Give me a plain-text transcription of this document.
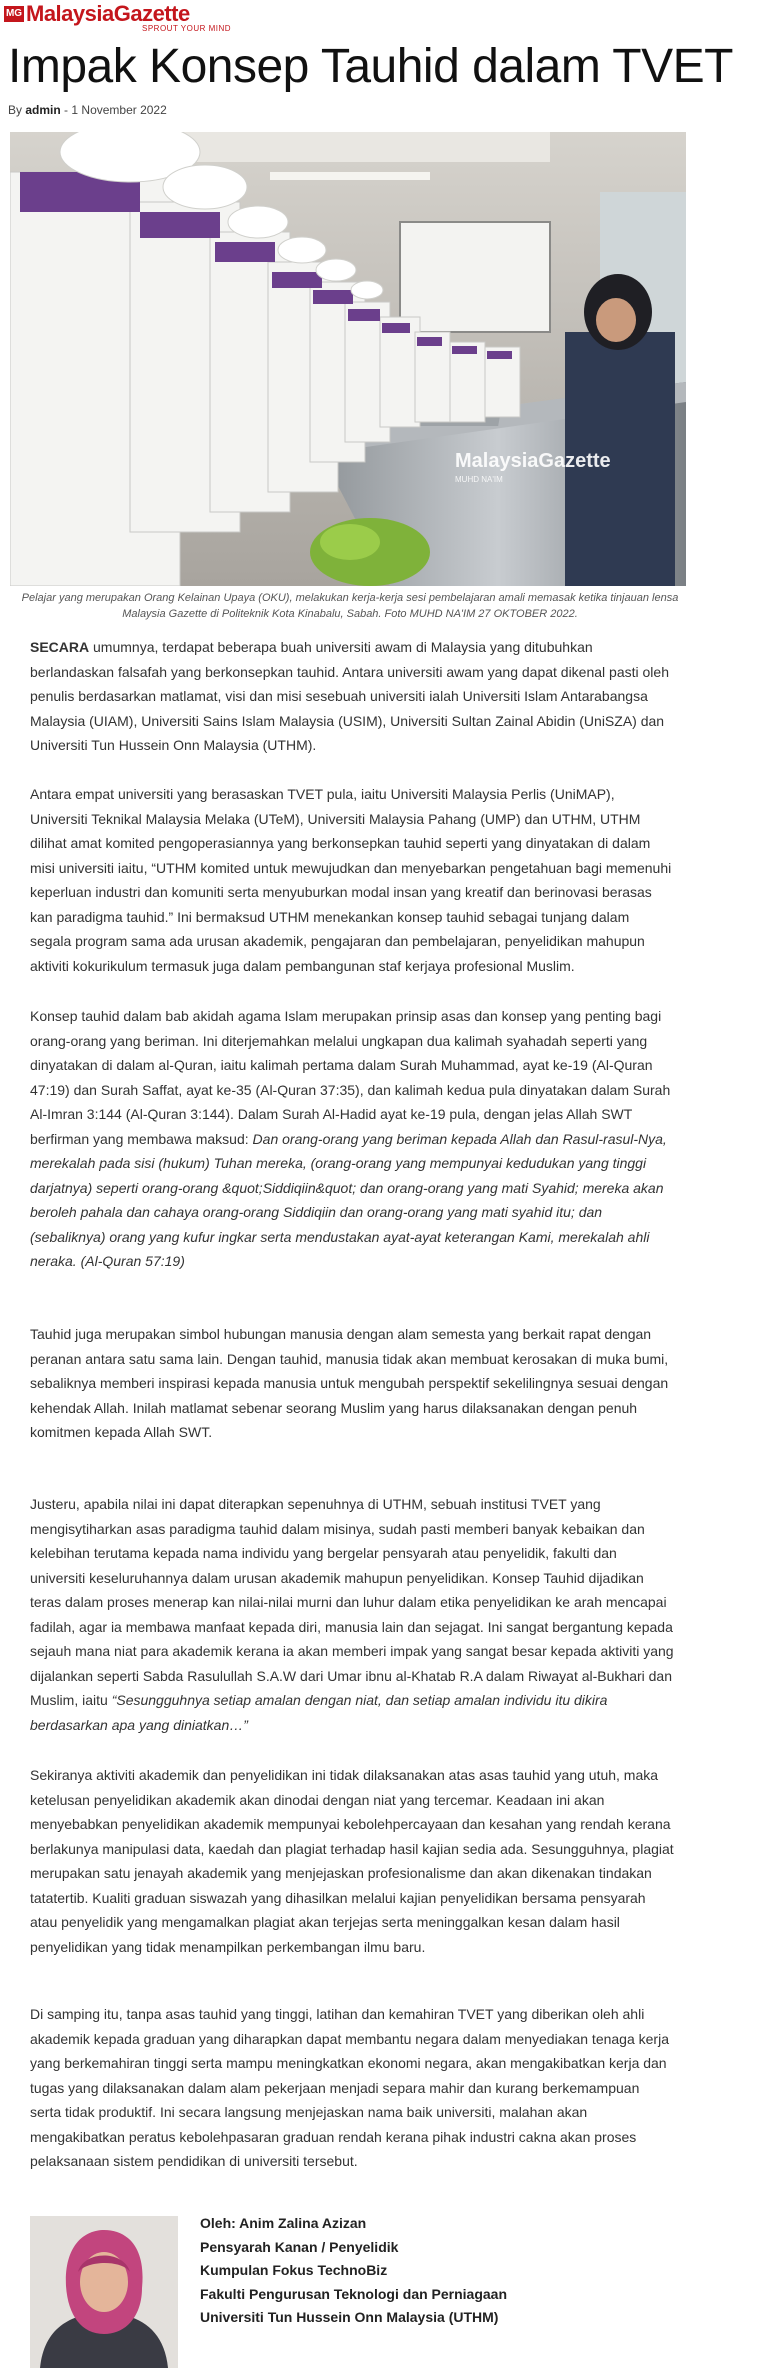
MG MalaysiaGazette
SPROUT YOUR MIND
Impak Konsep Tauhid dalam TVET
By admin - 1 November 2022
MalaysiaGazette
MUHD NA'IM
Pelajar yang merupakan Orang Kelainan Upaya (OKU), melakukan kerja-kerja sesi pembelajaran amali memasak ketika tinjauan lensa Malaysia Gazette di Politeknik Kota Kinabalu, Sabah. Foto MUHD NA'IM 27 OKTOBER 2022.

SECARA umumnya, terdapat beberapa buah universiti awam di Malaysia yang ditubuhkan berlandaskan falsafah yang berkonsepkan tauhid. Antara universiti awam yang dapat dikenal pasti oleh penulis berdasarkan matlamat, visi dan misi sesebuah universiti ialah Universiti Islam Antarabangsa Malaysia (UIAM), Universiti Sains Islam Malaysia (USIM), Universiti Sultan Zainal Abidin (UniSZA) dan Universiti Tun Hussein Onn Malaysia (UTHM).

Antara empat universiti yang berasaskan TVET pula, iaitu Universiti Malaysia Perlis (UniMAP), Universiti Teknikal Malaysia Melaka (UTeM), Universiti Malaysia Pahang (UMP) dan UTHM, UTHM dilihat amat komited pengoperasiannya yang berkonsepkan tauhid seperti yang dinyatakan di dalam misi universiti iaitu, “UTHM komited untuk mewujudkan dan menyebarkan pengetahuan bagi memenuhi keperluan industri dan komuniti serta menyuburkan modal insan yang kreatif dan berinovasi berasas kan paradigma tauhid.” Ini bermaksud UTHM menekankan konsep tauhid sebagai tunjang dalam segala program sama ada urusan akademik, pengajaran dan pembelajaran, penyelidikan mahupun aktiviti kokurikulum termasuk juga dalam pembangunan staf kerjaya profesional Muslim.

Konsep tauhid dalam bab akidah agama Islam merupakan prinsip asas dan konsep yang penting bagi orang-orang yang beriman. Ini diterjemahkan melalui ungkapan dua kalimah syahadah seperti yang dinyatakan di dalam al-Quran, iaitu kalimah pertama dalam Surah Muhammad, ayat ke-19 (Al-Quran 47:19) dan Surah Saffat, ayat ke-35 (Al-Quran 37:35), dan kalimah kedua pula dinyatakan dalam Surah Al-Imran 3:144 (Al-Quran 3:144). Dalam Surah Al-Hadid ayat ke-19 pula, dengan jelas Allah SWT berfirman yang membawa maksud: Dan orang-orang yang beriman kepada Allah dan Rasul-rasul-Nya, merekalah pada sisi (hukum) Tuhan mereka, (orang-orang yang mempunyai kedudukan yang tinggi darjatnya) seperti orang-orang &quot;Siddiqiin&quot; dan orang-orang yang mati Syahid; mereka akan beroleh pahala dan cahaya orang-orang Siddiqiin dan orang-orang yang mati syahid itu; dan (sebaliknya) orang yang kufur ingkar serta mendustakan ayat-ayat keterangan Kami, merekalah ahli neraka. (Al-Quran 57:19)

Tauhid juga merupakan simbol hubungan manusia dengan alam semesta yang berkait rapat dengan peranan antara satu sama lain. Dengan tauhid, manusia tidak akan membuat kerosakan di muka bumi, sebaliknya memberi inspirasi kepada manusia untuk mengubah perspektif sekelilingnya sesuai dengan kehendak Allah. Inilah matlamat sebenar seorang Muslim yang harus dilaksanakan dengan penuh komitmen kepada Allah SWT.

Justeru, apabila nilai ini dapat diterapkan sepenuhnya di UTHM, sebuah institusi TVET yang mengisytiharkan asas paradigma tauhid dalam misinya, sudah pasti memberi banyak kebaikan dan kelebihan terutama kepada nama individu yang bergelar pensyarah atau penyelidik, fakulti dan universiti keseluruhannya dalam urusan akademik mahupun penyelidikan. Konsep Tauhid dijadikan teras dalam proses menerap kan nilai-nilai murni dan luhur dalam etika penyelidikan ke arah mencapai fadilah, agar ia membawa manfaat kepada diri, manusia lain dan sejagat. Ini sangat bergantung kepada sejauh mana niat para akademik kerana ia akan memberi impak yang sangat besar kepada aktiviti yang dijalankan seperti Sabda Rasulullah S.A.W dari Umar ibnu al-Khatab R.A dalam Riwayat al-Bukhari dan Muslim, iaitu “Sesungguhnya setiap amalan dengan niat, dan setiap amalan individu itu dikira berdasarkan apa yang diniatkan…”

Sekiranya aktiviti akademik dan penyelidikan ini tidak dilaksanakan atas asas tauhid yang utuh, maka ketelusan penyelidikan akademik akan dinodai dengan niat yang tercemar. Keadaan ini akan menyebabkan penyelidikan akademik mempunyai kebolehpercayaan dan kesahan yang rendah kerana berlakunya manipulasi data, kaedah dan plagiat terhadap hasil kajian sedia ada. Sesungguhnya, plagiat merupakan satu jenayah akademik yang menjejaskan profesionalisme dan akan dikenakan tindakan tatatertib. Kualiti graduan siswazah yang dihasilkan melalui kajian penyelidikan bersama pensyarah atau penyelidik yang mengamalkan plagiat akan terjejas serta meninggalkan kesan dalam hasil penyelidikan yang tidak menampilkan perkembangan ilmu baru.

Di samping itu, tanpa asas tauhid yang tinggi, latihan dan kemahiran TVET yang diberikan oleh ahli akademik kepada graduan yang diharapkan dapat membantu negara dalam menyediakan tenaga kerja yang berkemahiran tinggi serta mampu meningkatkan ekonomi negara, akan mengakibatkan kerja dan tugas yang dilaksanakan dalam alam pekerjaan menjadi separa mahir dan kurang berkemampuan serta tidak produktif. Ini secara langsung menjejaskan nama baik universiti, malahan akan mengakibatkan peratus kebolehpasaran graduan rendah kerana pihak industri cakna akan proses pelaksanaan sistem pendidikan di universiti tersebut.

Oleh: Anim Zalina Azizan
Pensyarah Kanan / Penyelidik
Kumpulan Fokus TechnoBiz
Fakulti Pengurusan Teknologi dan Perniagaan
Universiti Tun Hussein Onn Malaysia (UTHM)
